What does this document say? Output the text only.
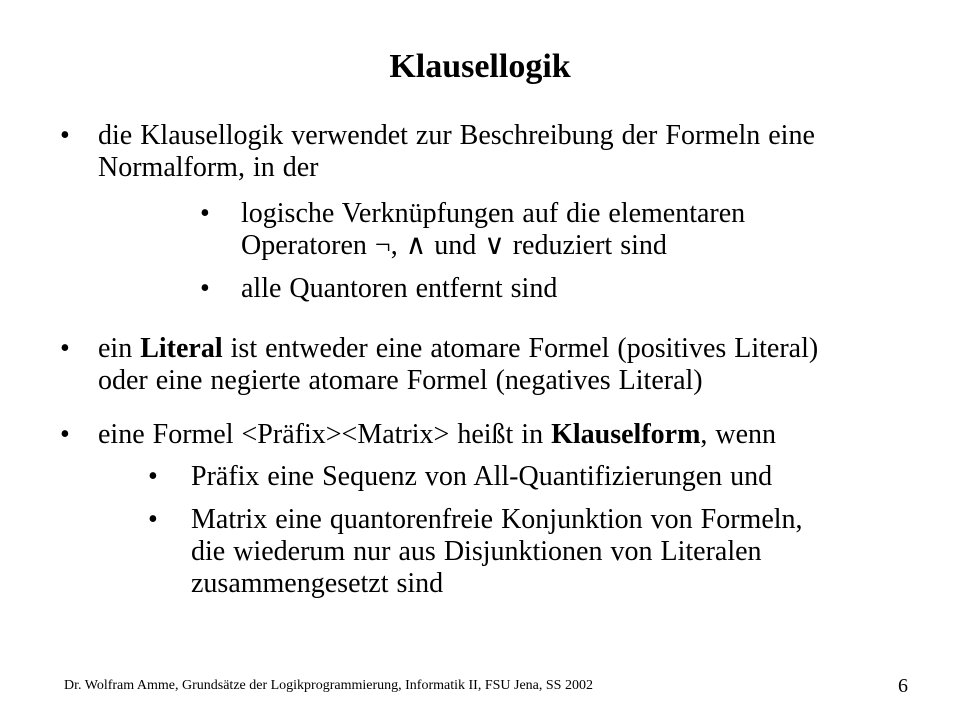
Klausellogik
• die Klausellogik verwendet zur Beschreibung der Formeln eine
Normalform, in der
• logische Verknüpfungen auf die elementaren
Operatoren ¬, ∧ und ∨ reduziert sind
• alle Quantoren entfernt sind
• ein Literal ist entweder eine atomare Formel (positives Literal)
oder eine negierte atomare Formel (negatives Literal)
• eine Formel <Präfix><Matrix> heißt in Klauselform, wenn
• Präfix eine Sequenz von All-Quantifizierungen und
• Matrix eine quantorenfreie Konjunktion von Formeln,
die wiederum nur aus Disjunktionen von Literalen
zusammengesetzt sind
Dr. Wolfram Amme, Grundsätze der Logikprogrammierung, Informatik II, FSU Jena, SS 2002	6
